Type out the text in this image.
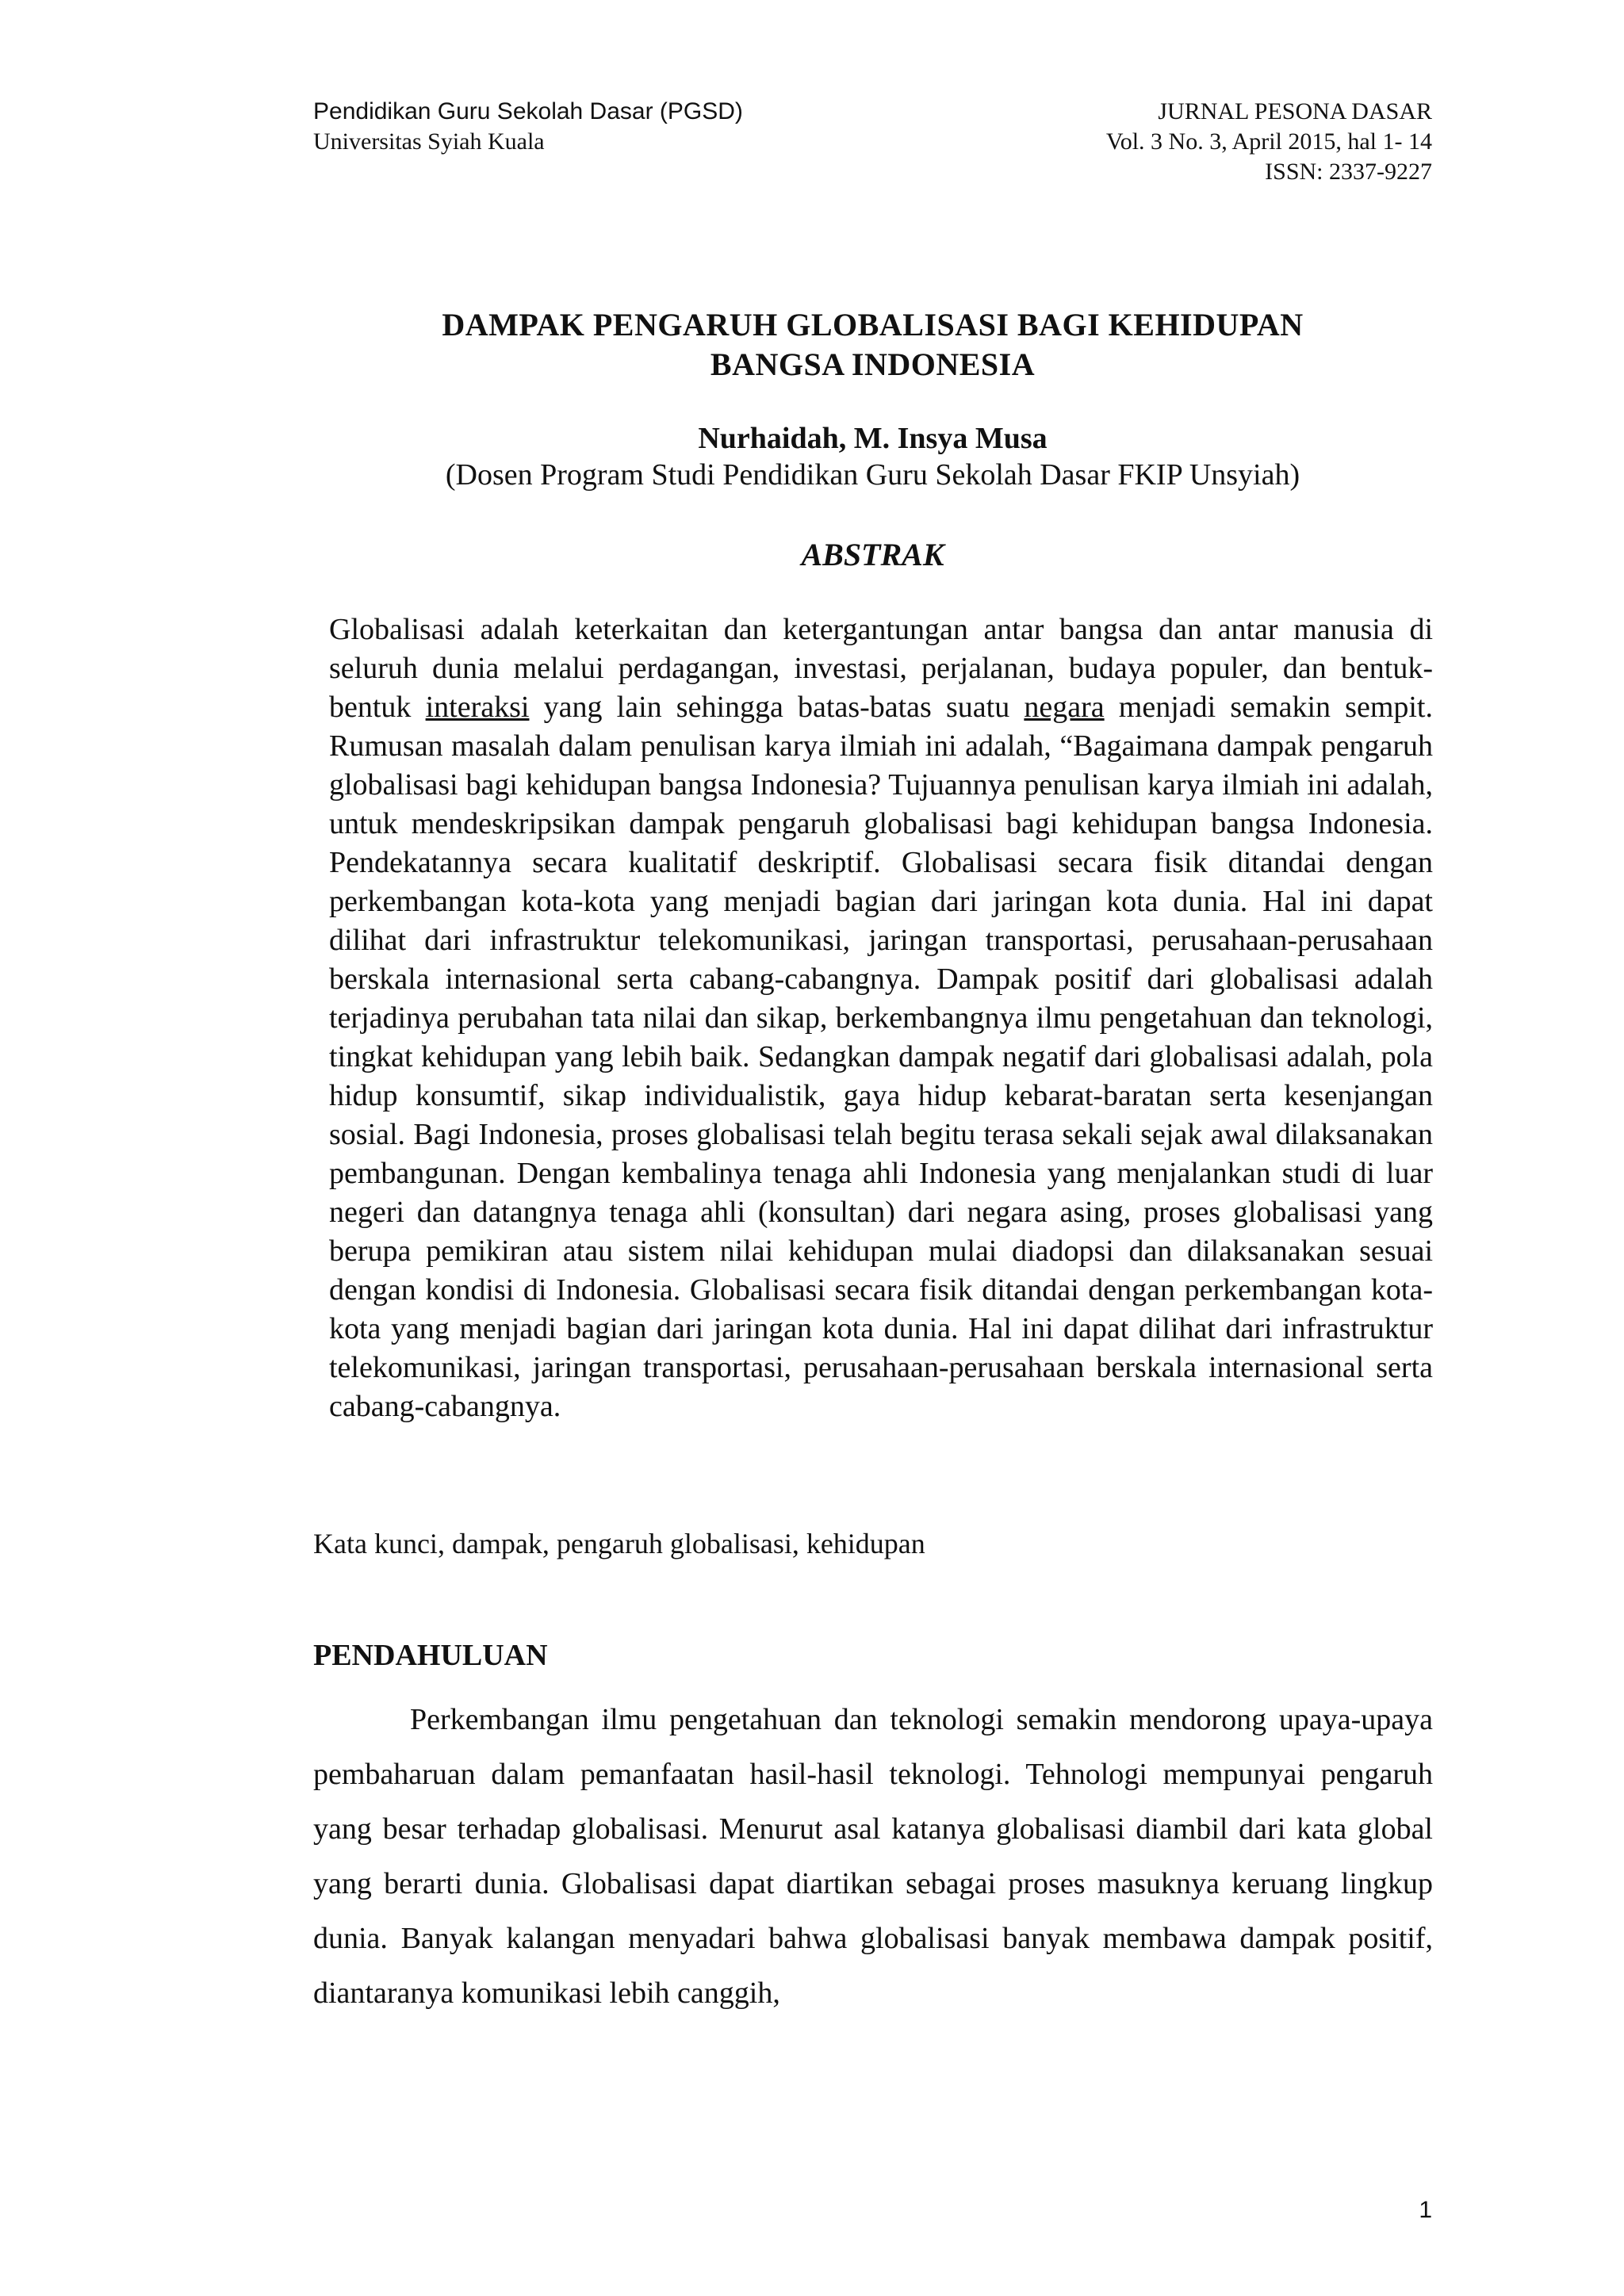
Pendidikan Guru Sekolah Dasar (PGSD)
Universitas Syiah Kuala
JURNAL PESONA DASAR
Vol. 3 No. 3, April 2015, hal 1- 14
ISSN: 2337-9227
DAMPAK PENGARUH GLOBALISASI BAGI KEHIDUPAN
BANGSA INDONESIA
Nurhaidah, M. Insya Musa
(Dosen Program Studi Pendidikan Guru Sekolah Dasar FKIP Unsyiah)
ABSTRAK

Globalisasi adalah keterkaitan dan ketergantungan antar bangsa dan antar manusia di seluruh dunia melalui perdagangan, investasi, perjalanan, budaya populer, dan bentuk-bentuk interaksi yang lain sehingga batas-batas suatu negara menjadi semakin sempit. Rumusan masalah dalam penulisan karya ilmiah ini adalah, “Bagaimana dampak pengaruh globalisasi bagi kehidupan bangsa Indonesia? Tujuannya penulisan karya ilmiah ini adalah, untuk mendeskripsikan dampak pengaruh globalisasi bagi kehidupan bangsa Indonesia. Pendekatannya secara kualitatif deskriptif. Globalisasi secara fisik ditandai dengan perkembangan kota-kota yang menjadi bagian dari jaringan kota dunia. Hal ini dapat dilihat dari infrastruktur telekomunikasi, jaringan transportasi, perusahaan-perusahaan berskala internasional serta cabang-cabangnya. Dampak positif dari globalisasi adalah terjadinya perubahan tata nilai dan sikap, berkembangnya ilmu pengetahuan dan teknologi, tingkat kehidupan yang lebih baik. Sedangkan dampak negatif dari globalisasi adalah, pola hidup konsumtif, sikap individualistik, gaya hidup kebarat-baratan serta kesenjangan sosial. Bagi Indonesia, proses globalisasi telah begitu terasa sekali sejak awal dilaksanakan pembangunan. Dengan kembalinya tenaga ahli Indonesia yang menjalankan studi di luar negeri dan datangnya tenaga ahli (konsultan) dari negara asing, proses globalisasi yang berupa pemikiran atau sistem nilai kehidupan mulai diadopsi dan dilaksanakan sesuai dengan kondisi di Indonesia. Globalisasi secara fisik ditandai dengan perkembangan kota-kota yang menjadi bagian dari jaringan kota dunia. Hal ini dapat dilihat dari infrastruktur telekomunikasi, jaringan transportasi, perusahaan-perusahaan berskala internasional serta cabang-cabangnya.

Kata kunci, dampak, pengaruh globalisasi, kehidupan
PENDAHULUAN

Perkembangan ilmu pengetahuan dan teknologi semakin mendorong upaya-upaya pembaharuan dalam pemanfaatan hasil-hasil teknologi. Tehnologi mempunyai pengaruh yang besar terhadap globalisasi. Menurut asal katanya globalisasi diambil dari kata global yang berarti dunia. Globalisasi dapat diartikan sebagai proses masuknya keruang lingkup dunia. Banyak kalangan menyadari bahwa globalisasi banyak membawa dampak positif, diantaranya komunikasi lebih canggih,

1
